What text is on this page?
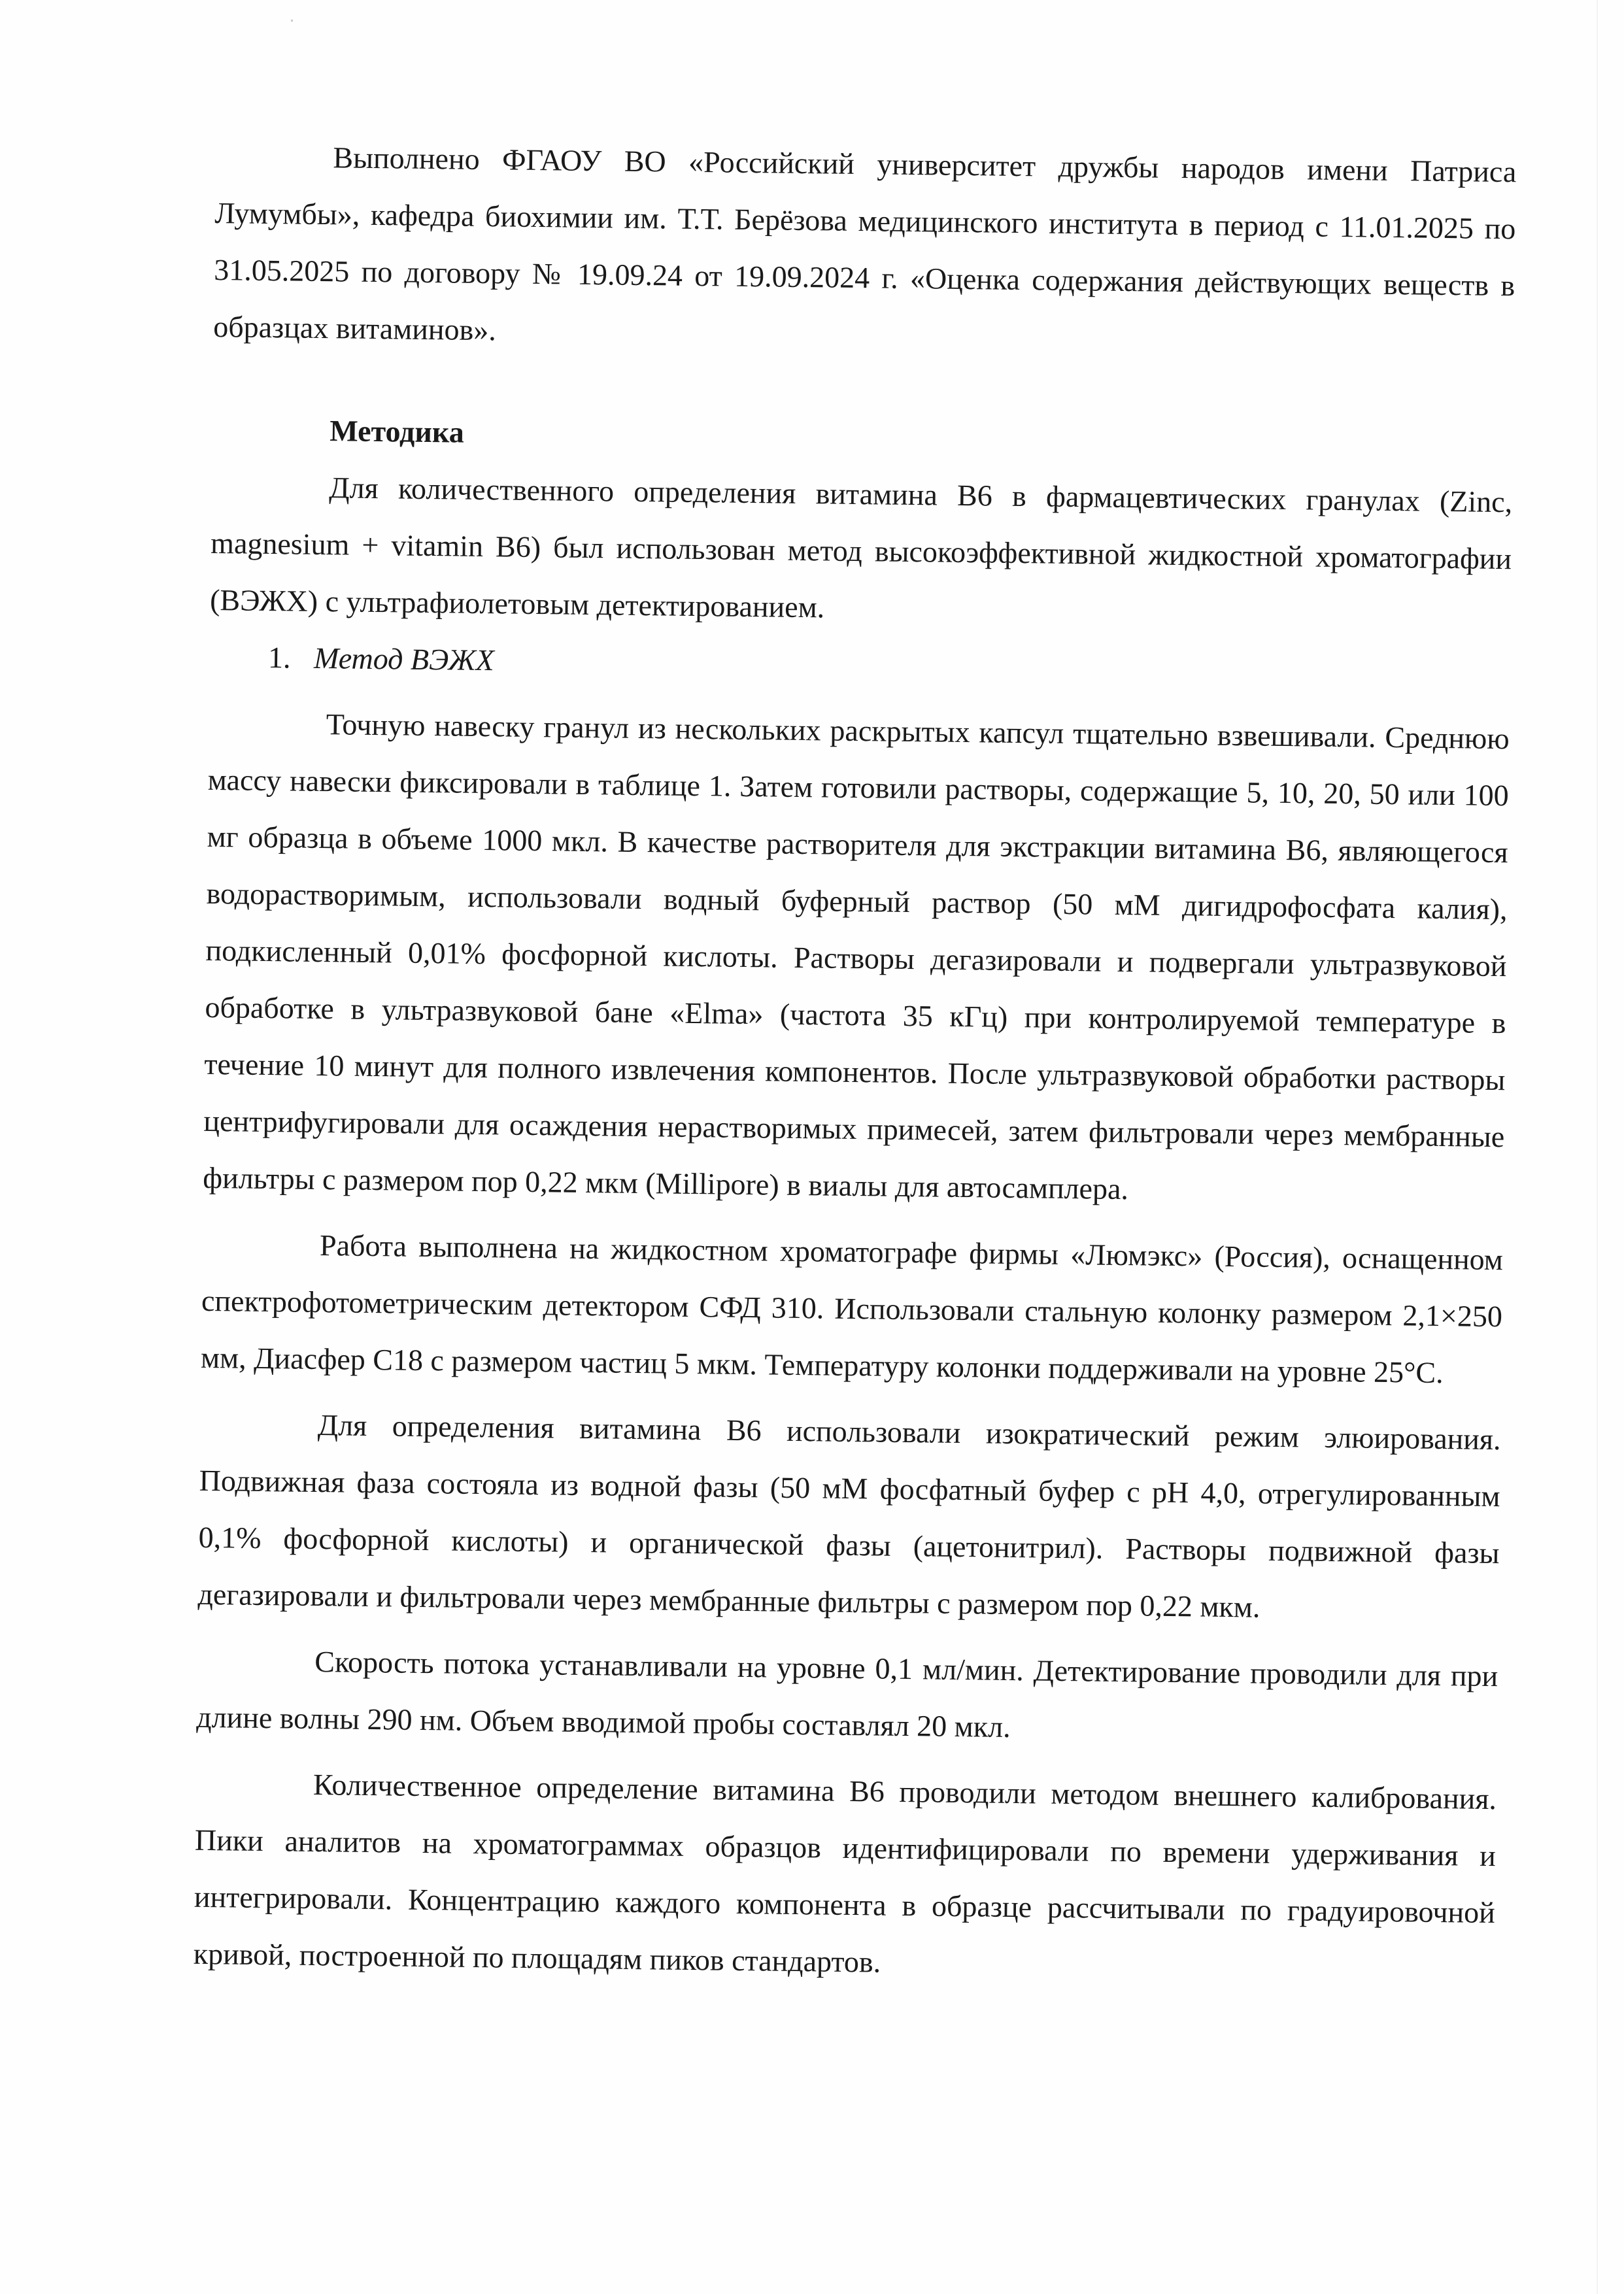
Выполнено ФГАОУ ВО «Российский университет дружбы народов имени Патриса Лумумбы», кафедра биохимии им. Т.Т. Берёзова медицинского института в период с 11.01.2025 по 31.05.2025 по договору № 19.09.24 от 19.09.2024 г. «Оценка содержания действующих веществ в образцах витаминов».

Методика

Для количественного определения витамина В6 в фармацевтических гранулах (Zinc, magnesium + vitamin B6) был использован метод высокоэффективной жидкостной хроматографии (ВЭЖХ) с ультрафиолетовым детектированием.

1. Метод ВЭЖХ

Точную навеску гранул из нескольких раскрытых капсул тщательно взвешивали. Среднюю массу навески фиксировали в таблице 1. Затем готовили растворы, содержащие 5, 10, 20, 50 или 100 мг образца в объеме 1000 мкл. В качестве растворителя для экстракции витамина В6, являющегося водорастворимым, использовали водный буферный раствор (50 мМ дигидрофосфата калия), подкисленный 0,01% фосфорной кислоты. Растворы дегазировали и подвергали ультразвуковой обработке в ультразвуковой бане «Elma» (частота 35 кГц) при контролируемой температуре в течение 10 минут для полного извлечения компонентов. После ультразвуковой обработки растворы центрифугировали для осаждения нерастворимых примесей, затем фильтровали через мембранные фильтры с размером пор 0,22 мкм (Millipore) в виалы для автосамплера.

Работа выполнена на жидкостном хроматографе фирмы «Люмэкс» (Россия), оснащенном спектрофотометрическим детектором СФД 310. Использовали стальную колонку размером 2,1×250 мм, Диасфер С18 с размером частиц 5 мкм. Температуру колонки поддерживали на уровне 25°С.

Для определения витамина В6 использовали изократический режим элюирования. Подвижная фаза состояла из водной фазы (50 мМ фосфатный буфер с pH 4,0, отрегулированным 0,1% фосфорной кислоты) и органической фазы (ацетонитрил). Растворы подвижной фазы дегазировали и фильтровали через мембранные фильтры с размером пор 0,22 мкм.

Скорость потока устанавливали на уровне 0,1 мл/мин. Детектирование проводили для при длине волны 290 нм. Объем вводимой пробы составлял 20 мкл.

Количественное определение витамина В6 проводили методом внешнего калибрования. Пики аналитов на хроматограммах образцов идентифицировали по времени удерживания и интегрировали. Концентрацию каждого компонента в образце рассчитывали по градуировочной кривой, построенной по площадям пиков стандартов.
